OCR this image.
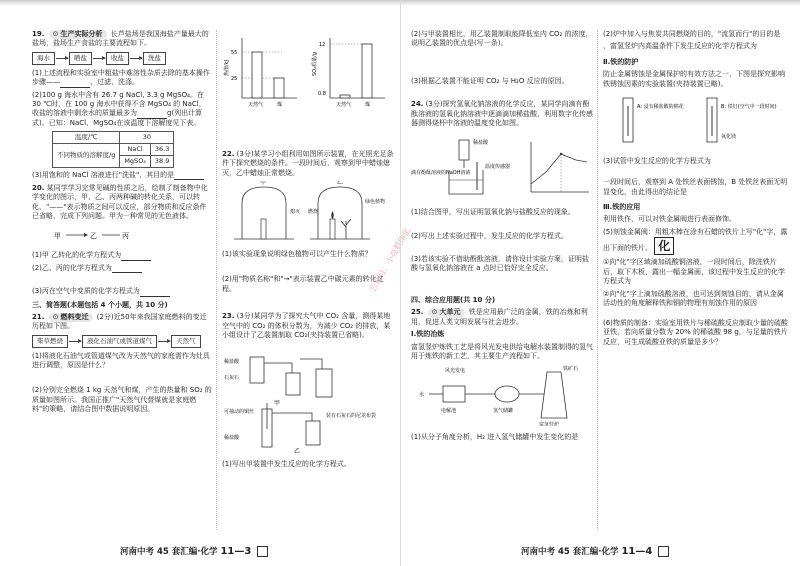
19. ⊙ 生产实际分析 长芦盐场是我国海盐产量最大的盐场，盐场生产食盐的主要流程如下。

海水	晒盐	收盐	洗盐

(1)上述流程和实验室中粗盐中难溶性杂质去除的基本操作步骤——	、过滤、洗涤。

(2)100 g 海水中含有 26.7 g NaCl, 3.3 g MgSO₄。在30 ℃时，在 100 g 海水中获得不含 MgSO₄ 的 NaCl，收盐的溶液中剩余水的质量最多为	g(列出计算式)。已知：NaCl、MgSO₄在该温度下溶解度见下表。

温度/℃	30	
不同物质的溶解度/g	NaCl	36.3
	MgSO₄	38.9

(3)用饱和的 NaCl 溶液进行"洗盐"，其目的是

20. 某同学学习完常见碱的性质之后，绘制了制备物中化学变化的图示，甲、乙、丙两种碱的转化关系，可以转化，"——"表示物质之间可以反应，部分物质和反应条件已省略，完成下列问题。甲为一种常见的无色液体。

甲	乙	丙

(1)甲 乙转化的化学方程式为

(2)乙、丙的化学方程式为

(3)丙在空气中变质的化学方程式为

三、简答题(本题包括 4 个小题，共 10 分)

21. ⊙ 燃料变迁 (2分)近50年来我国家庭燃料的变迁历程如下图。

柴草燃烧	液化石油气或管道煤气	天然气

(1)将液化石油气或管道煤气改为天然气的家庭需作为灶具进行调整，原因是什么？

(2)分别完全燃烧 1 kg 天然气和煤，产生的热量和 SO₂ 的质量如图所示。我国正推广"天然气代替煤就是家庭燃料"的策略，请结合图中数据说明原因。

热值/kJ
55
25
天然气	煤
SO₂质量/g
12
0.8
天然气	煤

22. (3分)某学习小组利用如图所示装置，在光照充足条件下探究燃烧的条件。一段时间后，观察到甲中蜡烛熄灭，乙中蜡烛正常燃烧。

熄灭
甲
绿色植物
燃烧
乙

(1)该实验现象说明绿色植物可以产生什么物质？

(2)用"物质名称"和"→"表示装置乙中碳元素的转化过程。

23. (3分)某同学为了探究大气中 CO₂ 含量，测得某地空气中的 CO₂ 的体积分数为，为减少 CO₂ 的排放，某小组设计了乙装置制取 CO₂(夹持装置已省略)。

稀盐酸
石灰石
甲
可抽动的铜丝
装有石灰石的尼龙布袋
稀盐酸
乙

(1)写出甲装置中发生反应的化学方程式。

河南中考 45 套汇编·化学 11—3
公众号：小亮数理化

(2)与甲装置相比，用乙装置制取能降低室内 CO₂ 的浓度，说明乙装置的优点是(写一条)。

(3)根据乙装置不能证明 CO₂ 与 H₂O 反应的原因。

24. (3分)探究氢氧化钠溶液的化学反应，某同学向滴有酚酞溶液的氢氧化钠溶液中逐滴滴加稀盐酸，利用数字化传感器测得烧杯中溶液的温度变化如图。

稀盐酸
滴有酚酞溶液的NaOH溶液
温度传感器

(1)结合图甲，写出证明氢氧化钠与盐酸反应的现象。

(2)写出上述实验过程中，发生反应的化学方程式。

(3)若该实验不借助酚酞溶液，请你设计实验方案，证明盐酸与氢氧化钠溶液在 a 点时已恰好完全反应。

四、综合应用题(共 10 分)

25. ⊙ 大单元 铁是应用最广泛的金属，铁的冶炼和利用，促进人类文明发展与社会进步。

Ⅰ.铁的冶炼

富氢竖炉炼铁工艺是将风光发电供给电解水装置制得的氢气用于炼铁的新工艺，其主要生产流程如下。

风光发电
电解池
水
氢气储罐
铁矿石
富氢竖炉

(1)从分子角度分析，H₂ 进入氢气储罐中发生变化的是

(2)炉中加入与焦炭共同燃烧的目的，"流氢而行"的目的是

，富氢竖炉内高温条件下发生反应的化学方程式为

Ⅱ.铁的防护

防止金属锈蚀是金属保护的有效方法之一，下图是探究影响铁锈蚀因素的实验装置(夹持装置已略)。

A: 浸有稀盐酸的棉花	B: 铁钉(空气中一段时间)
氧化镁

(3)试管中发生反应的化学方程式为

一段时间后，观察到 A 处铁丝表面锈蚀，B 处铁丝表面无明显变化，由此得出的结论是

Ⅲ.铁的应用

利用铁作，可以对铁金属阀进行表面修饰。

(5)刻蚀金属阀：用粗木棒在涂有石蜡的铁片上写"化"字，露出下面的铁片。 化

①向"化"字区域滴加硫酸铜溶液，一段时间后，除洗铁片后，取下木板，露出一幅金属画，该过程中发生反应的化学方程式为

②向"化"字上滴加硫酸溶液，也可达到刻蚀目的，请从金属活动性的角度解释铁和铜的物理有刻蚀作用的原因

(6)物质的制备：实验室用铁片与稀硫酸反应制取少量的硫酸亚铁，若向质量分数为 20% 的稀硫酸 98 g，与足量的铁片反应，可生成硫酸亚铁的质量是多少？

河南中考 45 套汇编·化学 11—4
